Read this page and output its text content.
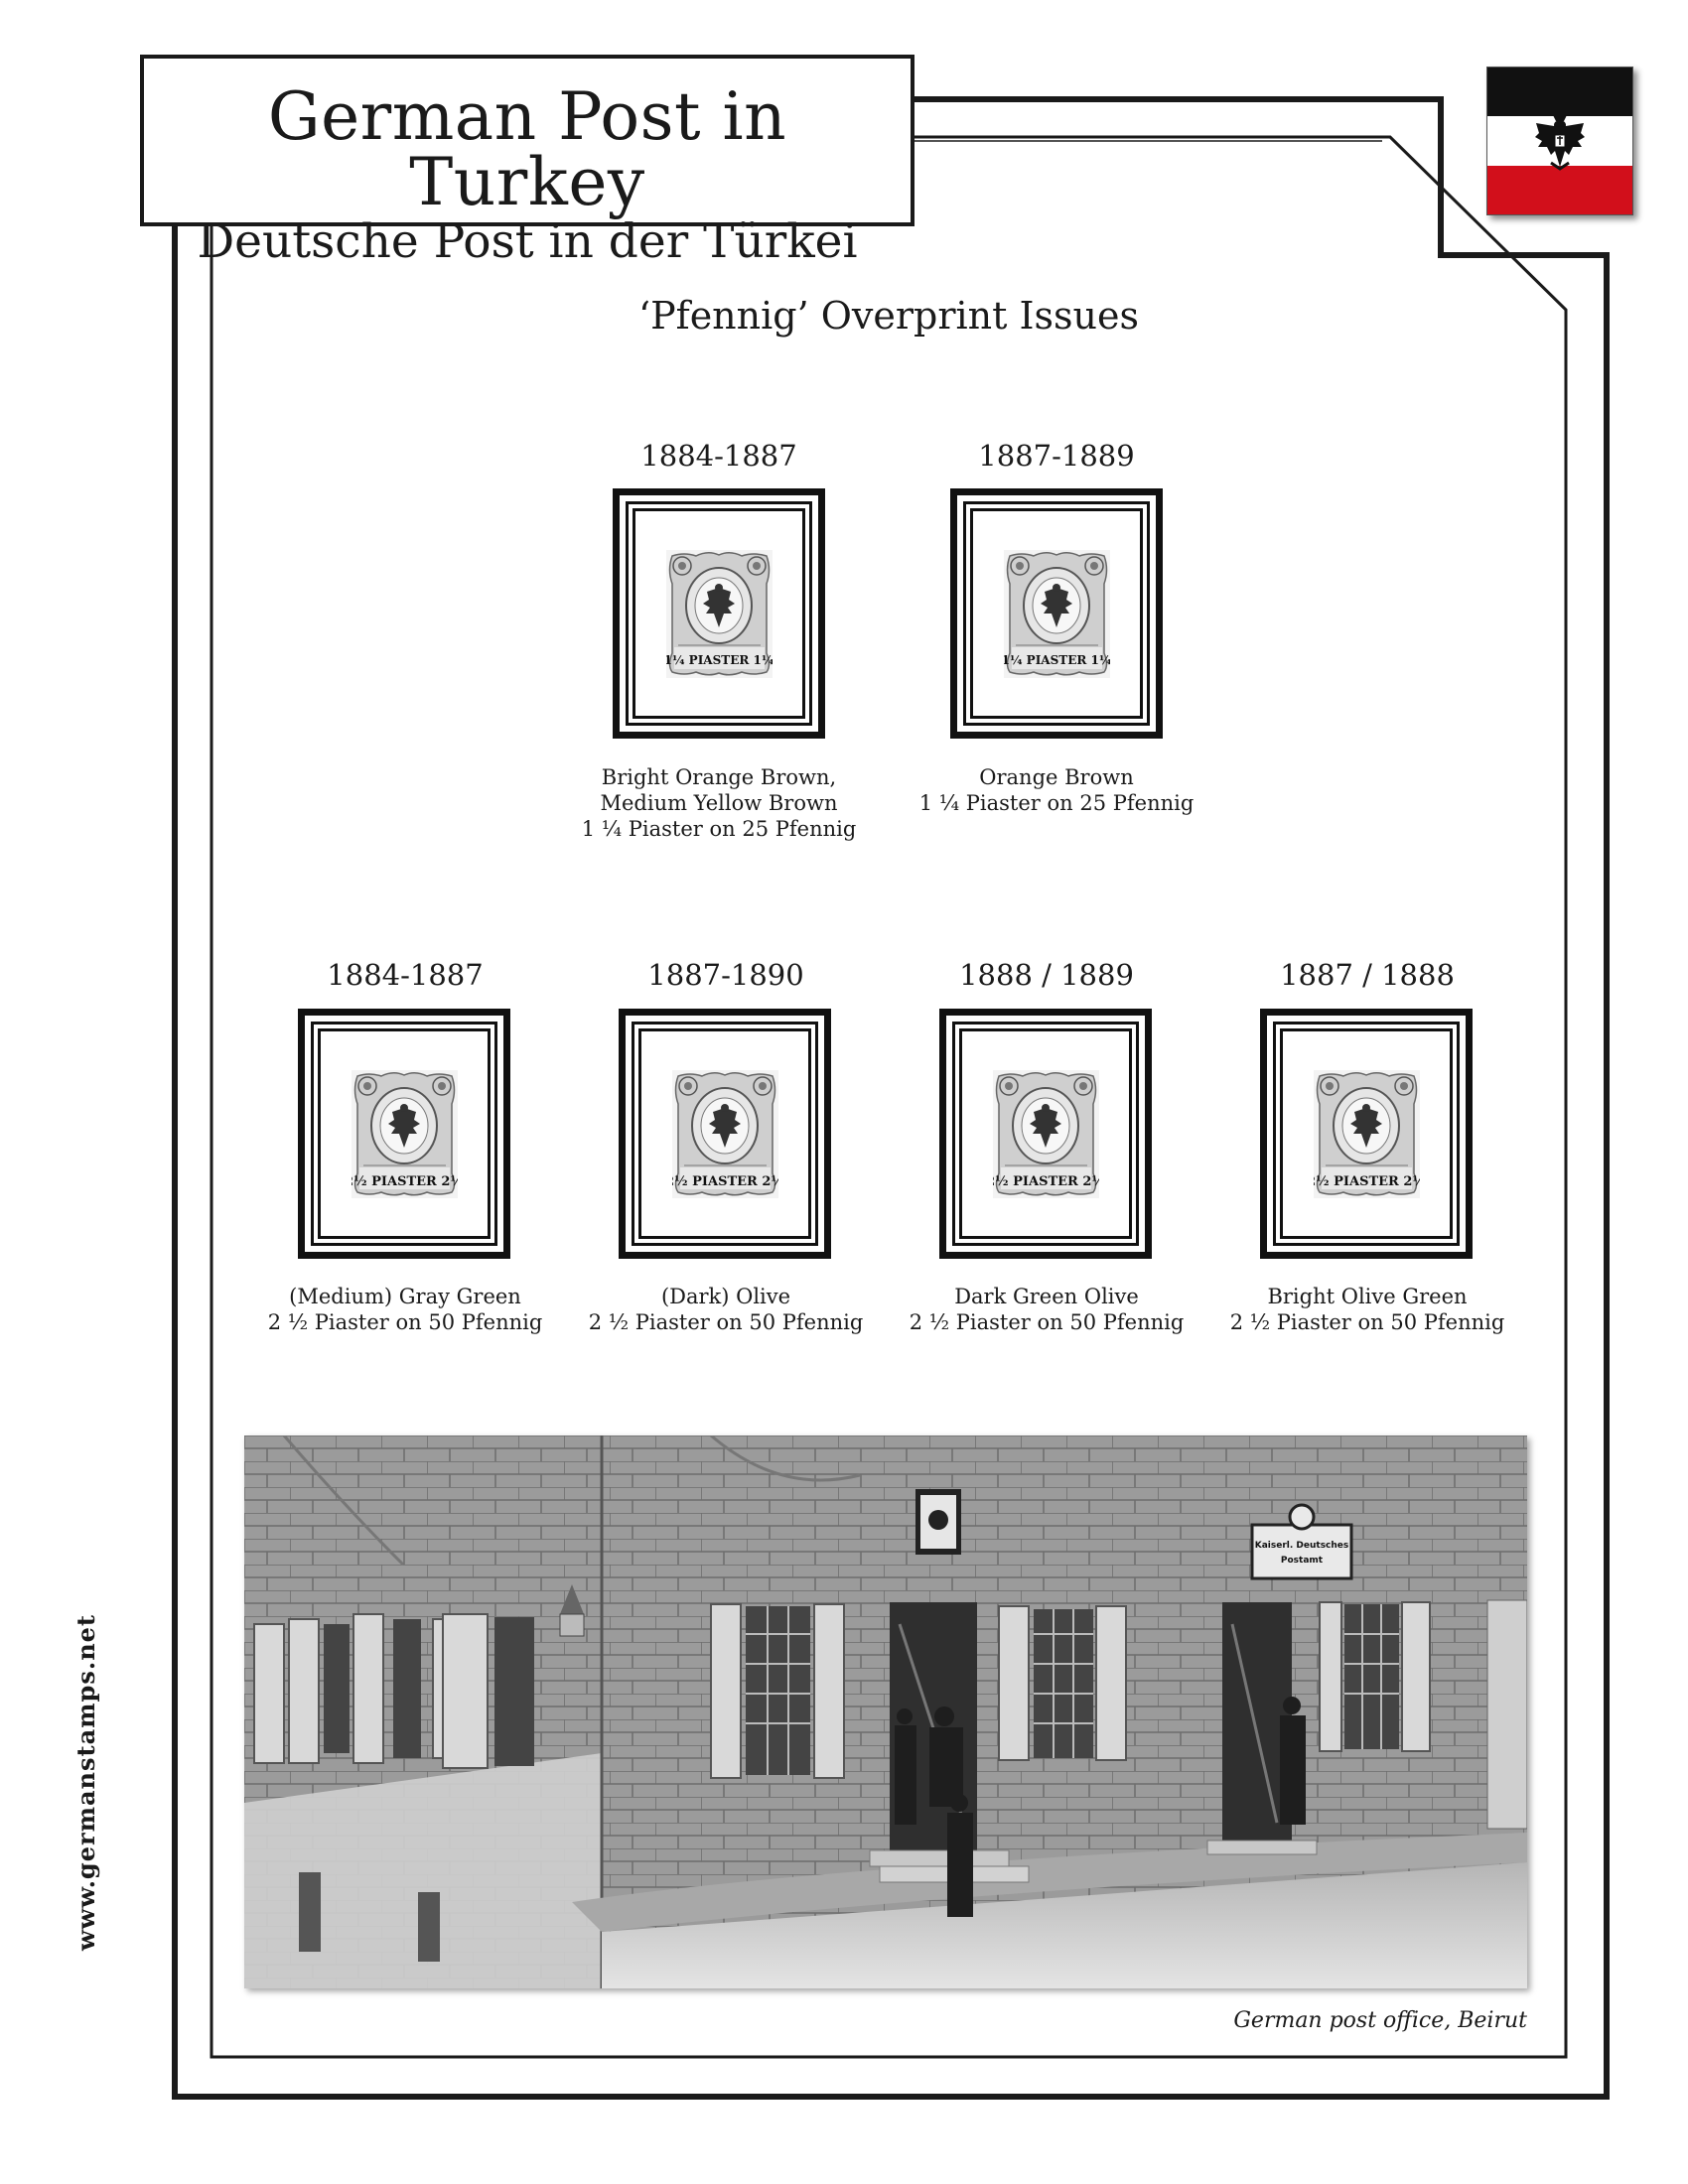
German Post in Turkey
Deutsche Post in der Türkei
‘Pfennig’ Overprint Issues
1884-1887
Bright Orange Brown,
Medium Yellow Brown
1 ¼ Piaster on 25 Pfennig
1887-1889
Orange Brown
1 ¼ Piaster on 25 Pfennig
1884-1887
(Medium) Gray Green
2 ½ Piaster on 50 Pfennig
1887-1890
(Dark) Olive
2 ½ Piaster on 50 Pfennig
1888 / 1889
Dark Green Olive
2 ½ Piaster on 50 Pfennig
1887 / 1888
Bright Olive Green
2 ½ Piaster on 50 Pfennig
Kaiserl. Deutsches
Postamt
German post office, Beirut
www.germanstamps.net
